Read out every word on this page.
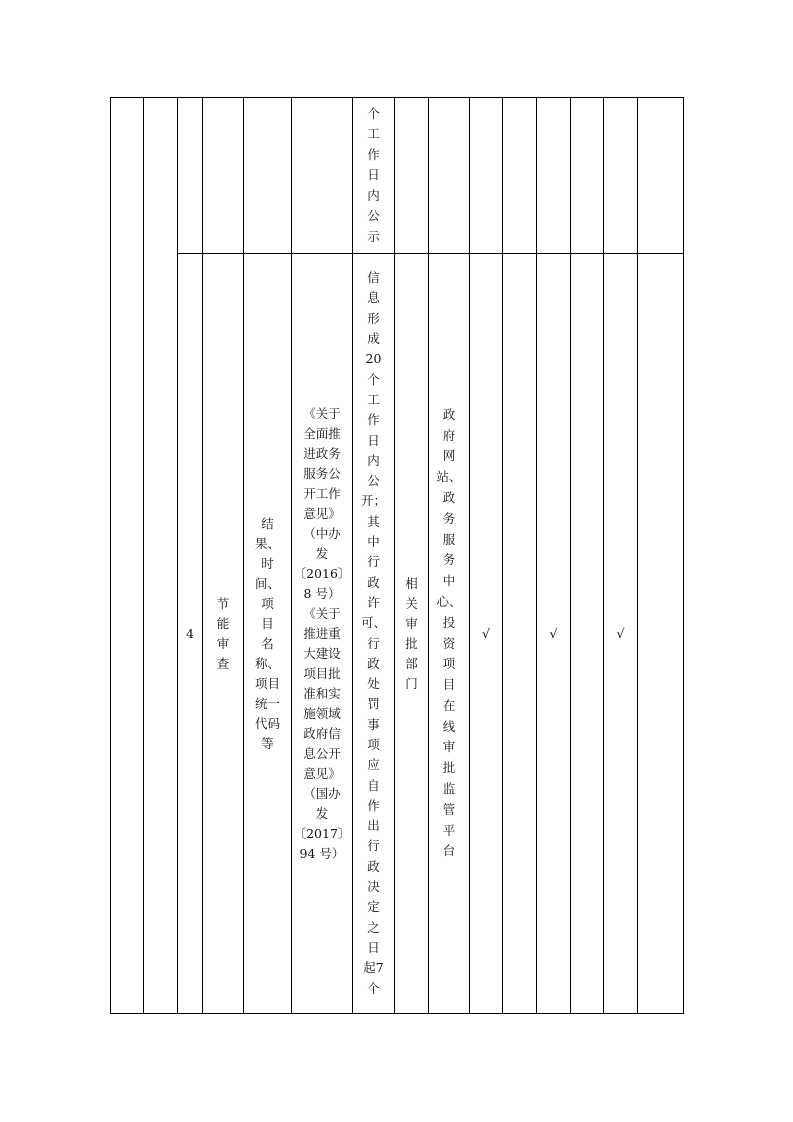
个
工
作
日
内
公
示
4
节
能
审
查
结
果、
时
间、
项
目
名
称、
项目
统一
代码
等
《关于
全面推
进政务
服务公
开工作
意见》
（中办
发
〔2016〕
8 号）
《关于
推进重
大建设
项目批
准和实
施领域
政府信
息公开
意见》
（国办
发
〔2017〕
94 号）
信
息
形
成
20
个
工
作
日
内
公
开；
其
中
行
政
许
可、
行
政
处
罚
事
项
应
自
作
出
行
政
决
定
之
日
起7
个
相
关
审
批
部
门
政
府
网
站、
政
务
服
务
中
心、
投
资
项
目
在
线
审
批
监
管
平
台
√	√	√
